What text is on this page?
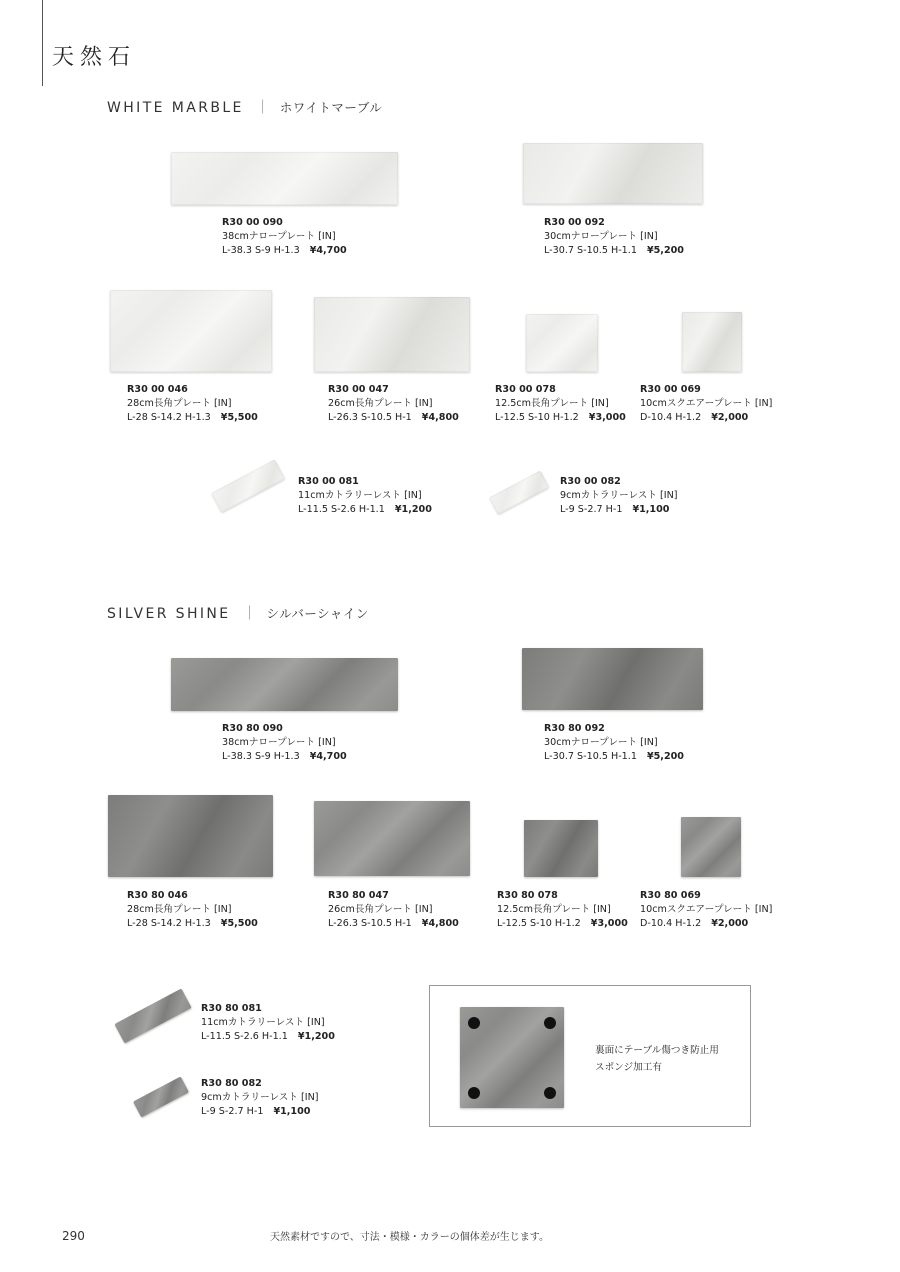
天然石
WHITE MARBLE ｜ ホワイトマーブル
R30 00 090
38cmナロープレート [IN]
L-38.3 S-9 H-1.3 ¥4,700
R30 00 092
30cmナロープレート [IN]
L-30.7 S-10.5 H-1.1 ¥5,200
R30 00 046
28cm長角プレート [IN]
L-28 S-14.2 H-1.3 ¥5,500
R30 00 047
26cm長角プレート [IN]
L-26.3 S-10.5 H-1 ¥4,800
R30 00 078
12.5cm長角プレート [IN]
L-12.5 S-10 H-1.2 ¥3,000
R30 00 069
10cmスクエアープレート [IN]
D-10.4 H-1.2 ¥2,000
R30 00 081
11cmカトラリーレスト [IN]
L-11.5 S-2.6 H-1.1 ¥1,200
R30 00 082
9cmカトラリーレスト [IN]
L-9 S-2.7 H-1 ¥1,100
SILVER SHINE ｜ シルバーシャイン
R30 80 090
38cmナロープレート [IN]
L-38.3 S-9 H-1.3 ¥4,700
R30 80 092
30cmナロープレート [IN]
L-30.7 S-10.5 H-1.1 ¥5,200
R30 80 046
28cm長角プレート [IN]
L-28 S-14.2 H-1.3 ¥5,500
R30 80 047
26cm長角プレート [IN]
L-26.3 S-10.5 H-1 ¥4,800
R30 80 078
12.5cm長角プレート [IN]
L-12.5 S-10 H-1.2 ¥3,000
R30 80 069
10cmスクエアープレート [IN]
D-10.4 H-1.2 ¥2,000
R30 80 081
11cmカトラリーレスト [IN]
L-11.5 S-2.6 H-1.1 ¥1,200
R30 80 082
9cmカトラリーレスト [IN]
L-9 S-2.7 H-1 ¥1,100
裏面にテーブル傷つき防止用
スポンジ加工有
290	天然素材ですので、寸法・模様・カラーの個体差が生じます。
